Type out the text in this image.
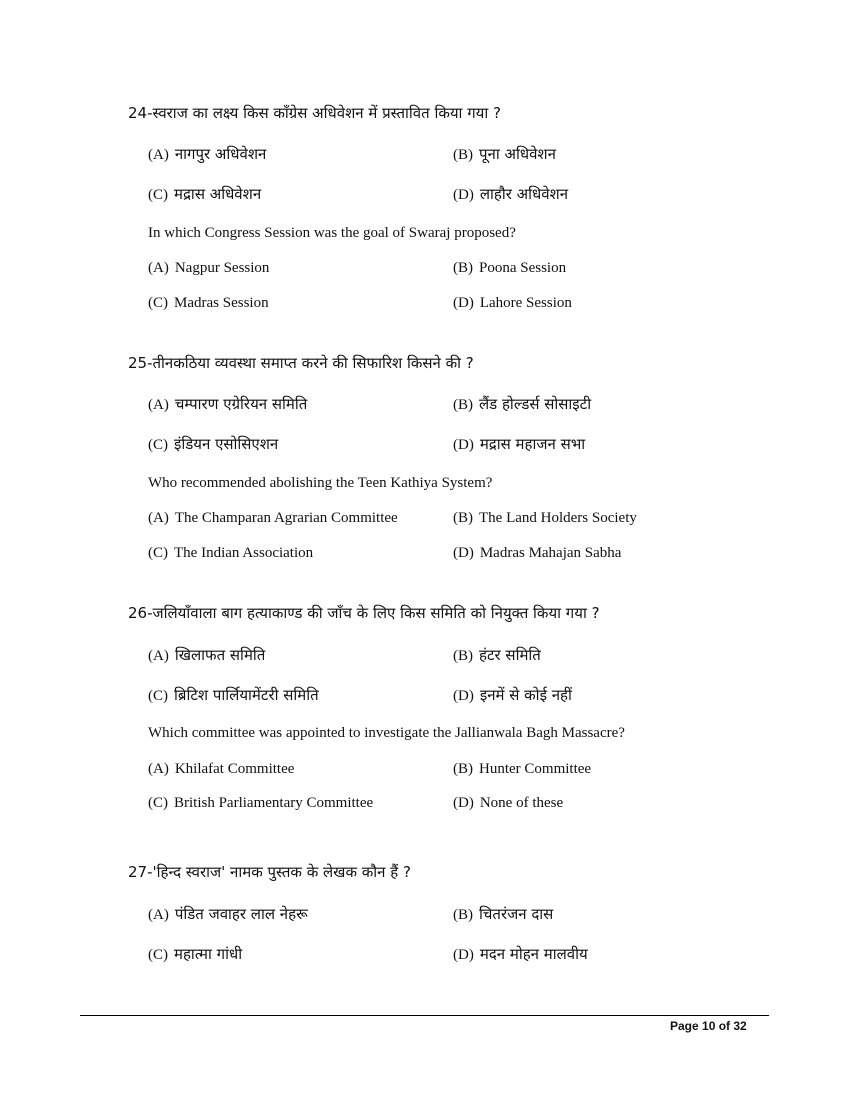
24-स्वराज का लक्ष्य किस कॉंग्रेस अधिवेशन में प्रस्तावित किया गया ?
(A) नागपुर अधिवेशन	(B) पूना अधिवेशन
(C) मद्रास अधिवेशन	(D) लाहौर अधिवेशन
In which Congress Session was the goal of Swaraj proposed?
(A) Nagpur Session	(B) Poona Session
(C) Madras Session	(D) Lahore Session
25-तीनकठिया व्यवस्था समाप्त करने की सिफारिश किसने की ?
(A) चम्पारण एग्रेरियन समिति	(B) लैंड होल्डर्स सोसाइटी
(C) इंडियन एसोसिएशन	(D) मद्रास महाजन सभा
Who recommended abolishing the Teen Kathiya System?
(A) The Champaran Agrarian Committee	(B) The Land Holders Society
(C) The Indian Association	(D) Madras Mahajan Sabha
26-जलियाँवाला बाग हत्याकाण्ड की जाँच के लिए किस समिति को नियुक्त किया गया ?
(A) खिलाफत समिति	(B) हंटर समिति
(C) ब्रिटिश पार्लियामेंटरी समिति	(D) इनमें से कोई नहीं
Which committee was appointed to investigate the Jallianwala Bagh Massacre?
(A) Khilafat Committee	(B) Hunter Committee
(C) British Parliamentary Committee	(D) None of these
27-'हिन्द स्वराज' नामक पुस्तक के लेखक कौन हैं ?
(A) पंडित जवाहर लाल नेहरू	(B) चितरंजन दास
(C) महात्मा गांधी	(D) मदन मोहन मालवीय
Page 10 of 32
